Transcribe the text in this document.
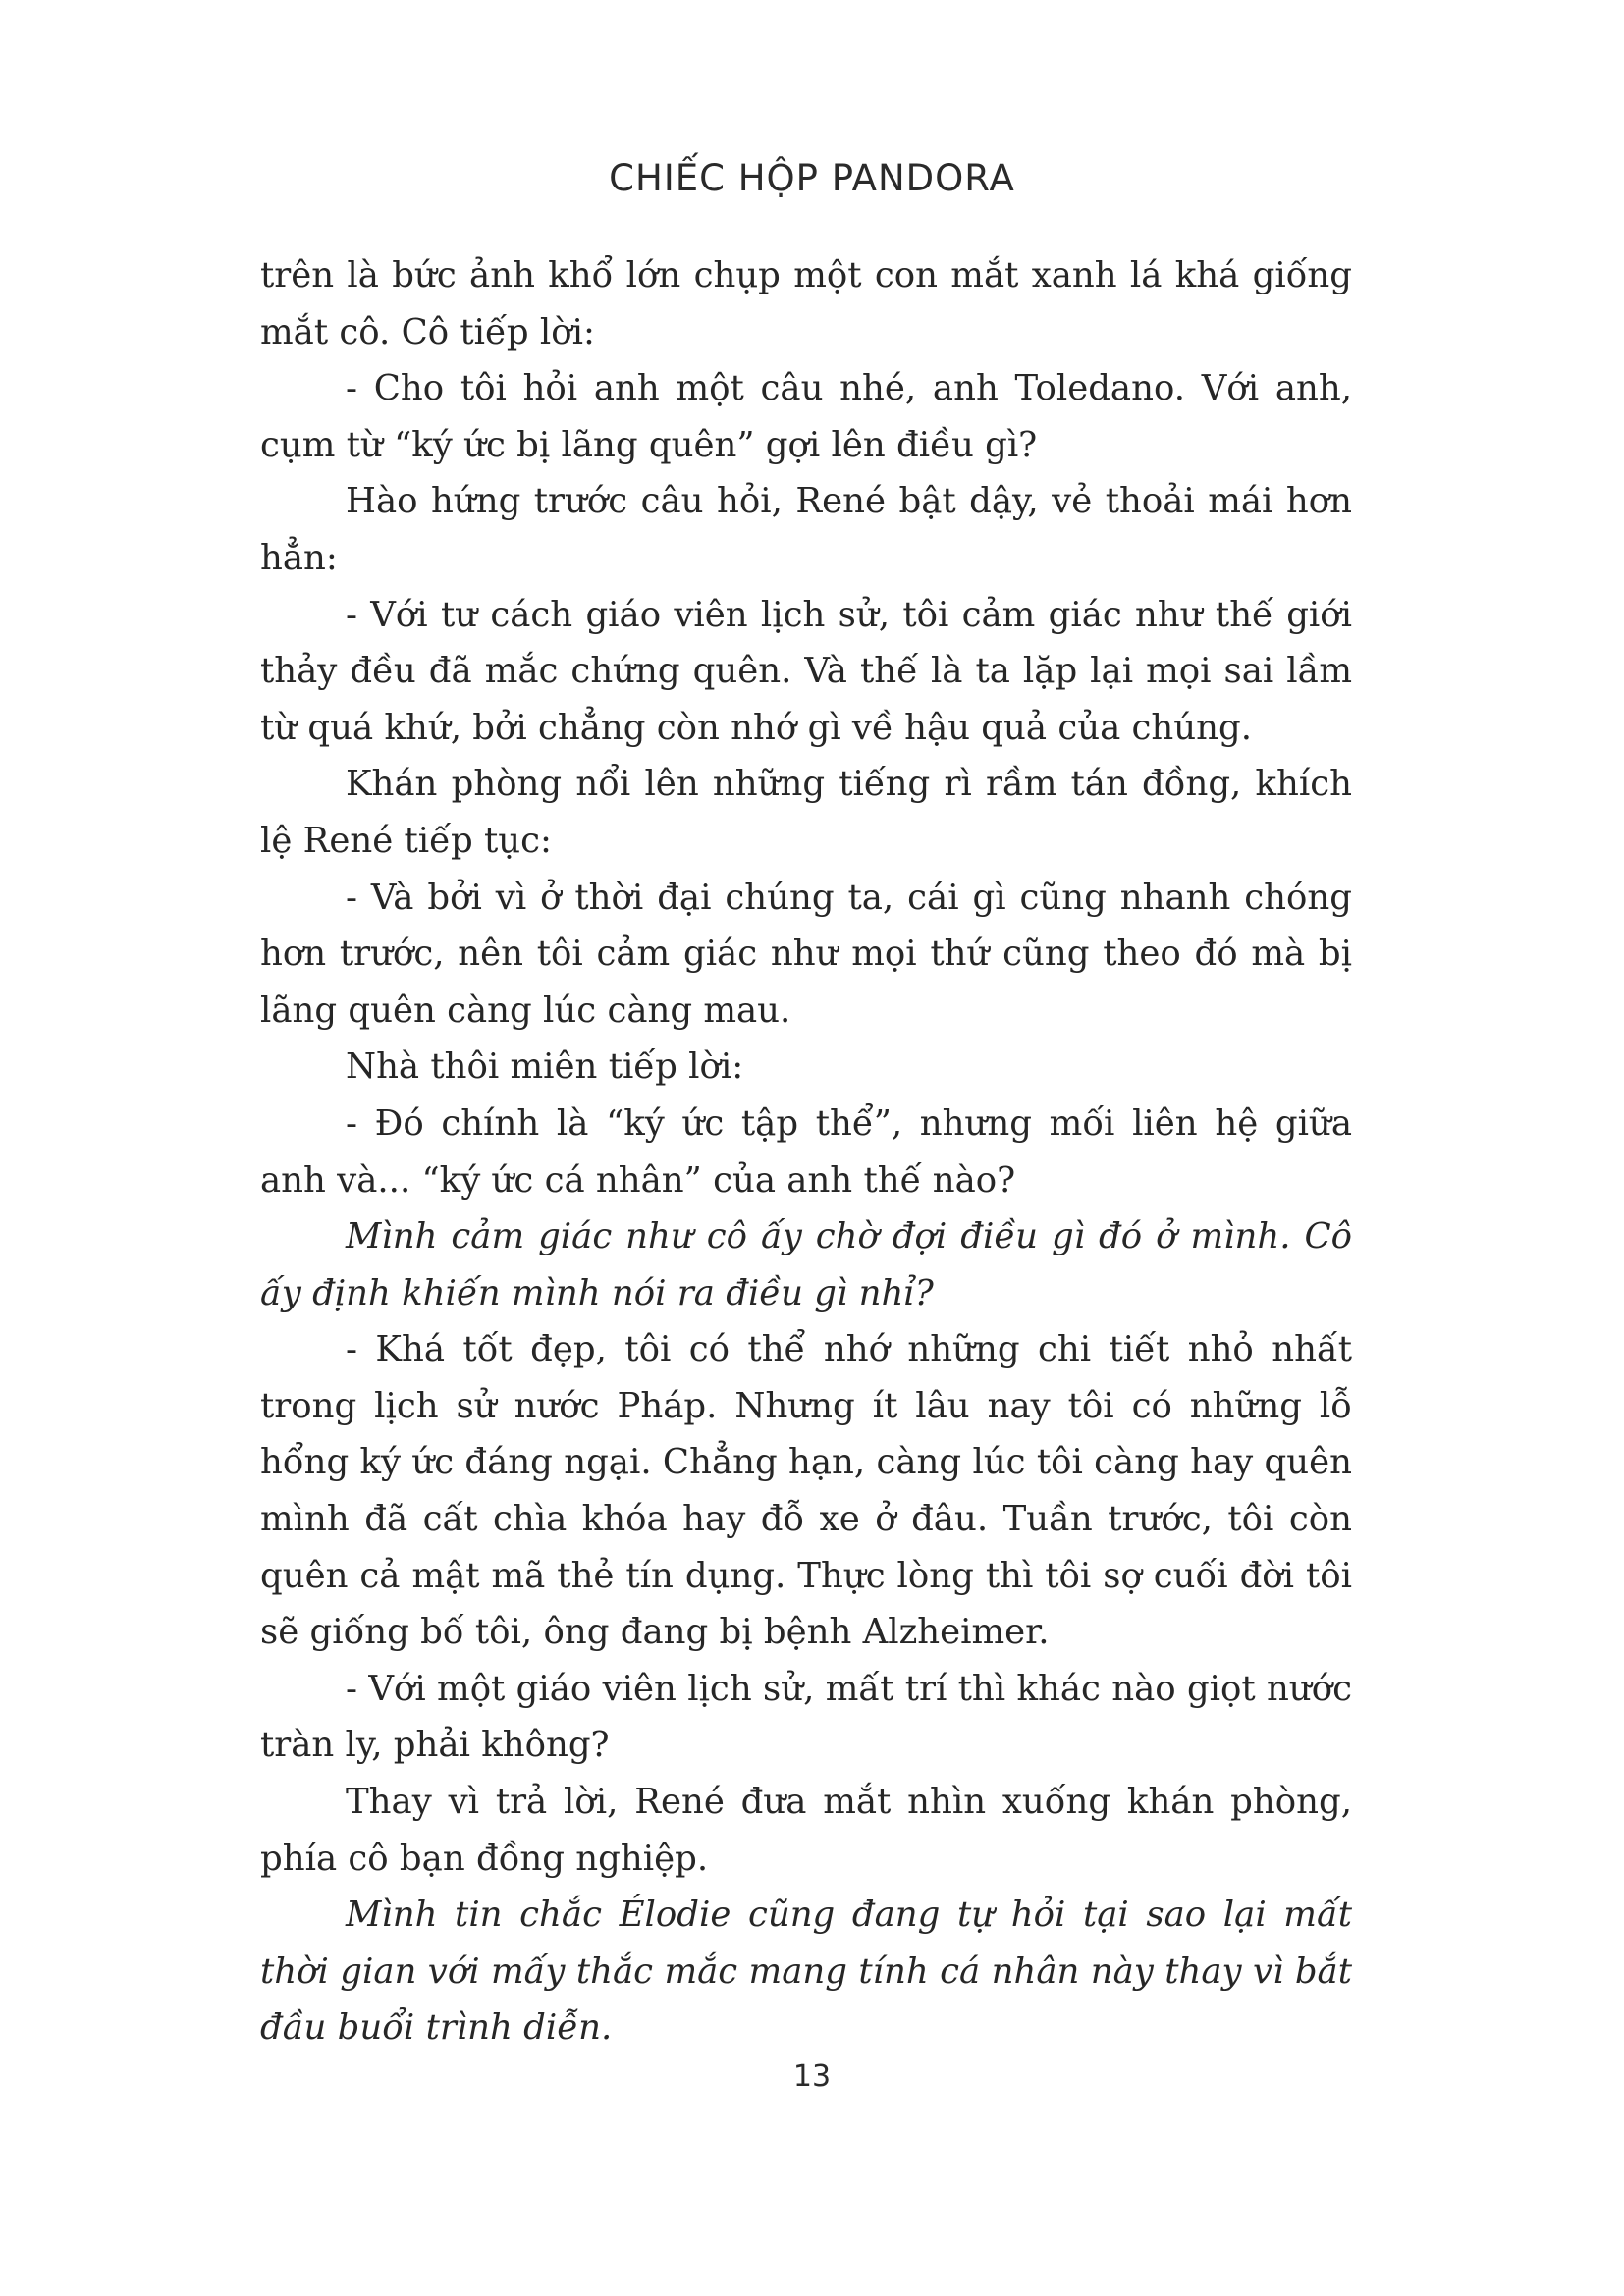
CHIẾC HỘP PANDORA

trên là bức ảnh khổ lớn chụp một con mắt xanh lá khá giống mắt cô. Cô tiếp lời:

- Cho tôi hỏi anh một câu nhé, anh Toledano. Với anh, cụm từ “ký ức bị lãng quên” gợi lên điều gì?

Hào hứng trước câu hỏi, René bật dậy, vẻ thoải mái hơn hẳn:

- Với tư cách giáo viên lịch sử, tôi cảm giác như thế giới thảy đều đã mắc chứng quên. Và thế là ta lặp lại mọi sai lầm từ quá khứ, bởi chẳng còn nhớ gì về hậu quả của chúng.

Khán phòng nổi lên những tiếng rì rầm tán đồng, khích lệ René tiếp tục:

- Và bởi vì ở thời đại chúng ta, cái gì cũng nhanh chóng hơn trước, nên tôi cảm giác như mọi thứ cũng theo đó mà bị lãng quên càng lúc càng mau.

Nhà thôi miên tiếp lời:

- Đó chính là “ký ức tập thể”, nhưng mối liên hệ giữa anh và... “ký ức cá nhân” của anh thế nào?

Mình cảm giác như cô ấy chờ đợi điều gì đó ở mình. Cô ấy định khiến mình nói ra điều gì nhỉ?

- Khá tốt đẹp, tôi có thể nhớ những chi tiết nhỏ nhất trong lịch sử nước Pháp. Nhưng ít lâu nay tôi có những lỗ hổng ký ức đáng ngại. Chẳng hạn, càng lúc tôi càng hay quên mình đã cất chìa khóa hay đỗ xe ở đâu. Tuần trước, tôi còn quên cả mật mã thẻ tín dụng. Thực lòng thì tôi sợ cuối đời tôi sẽ giống bố tôi, ông đang bị bệnh Alzheimer.

- Với một giáo viên lịch sử, mất trí thì khác nào giọt nước tràn ly, phải không?

Thay vì trả lời, René đưa mắt nhìn xuống khán phòng, phía cô bạn đồng nghiệp.

Mình tin chắc Élodie cũng đang tự hỏi tại sao lại mất thời gian với mấy thắc mắc mang tính cá nhân này thay vì bắt đầu buổi trình diễn.

13
